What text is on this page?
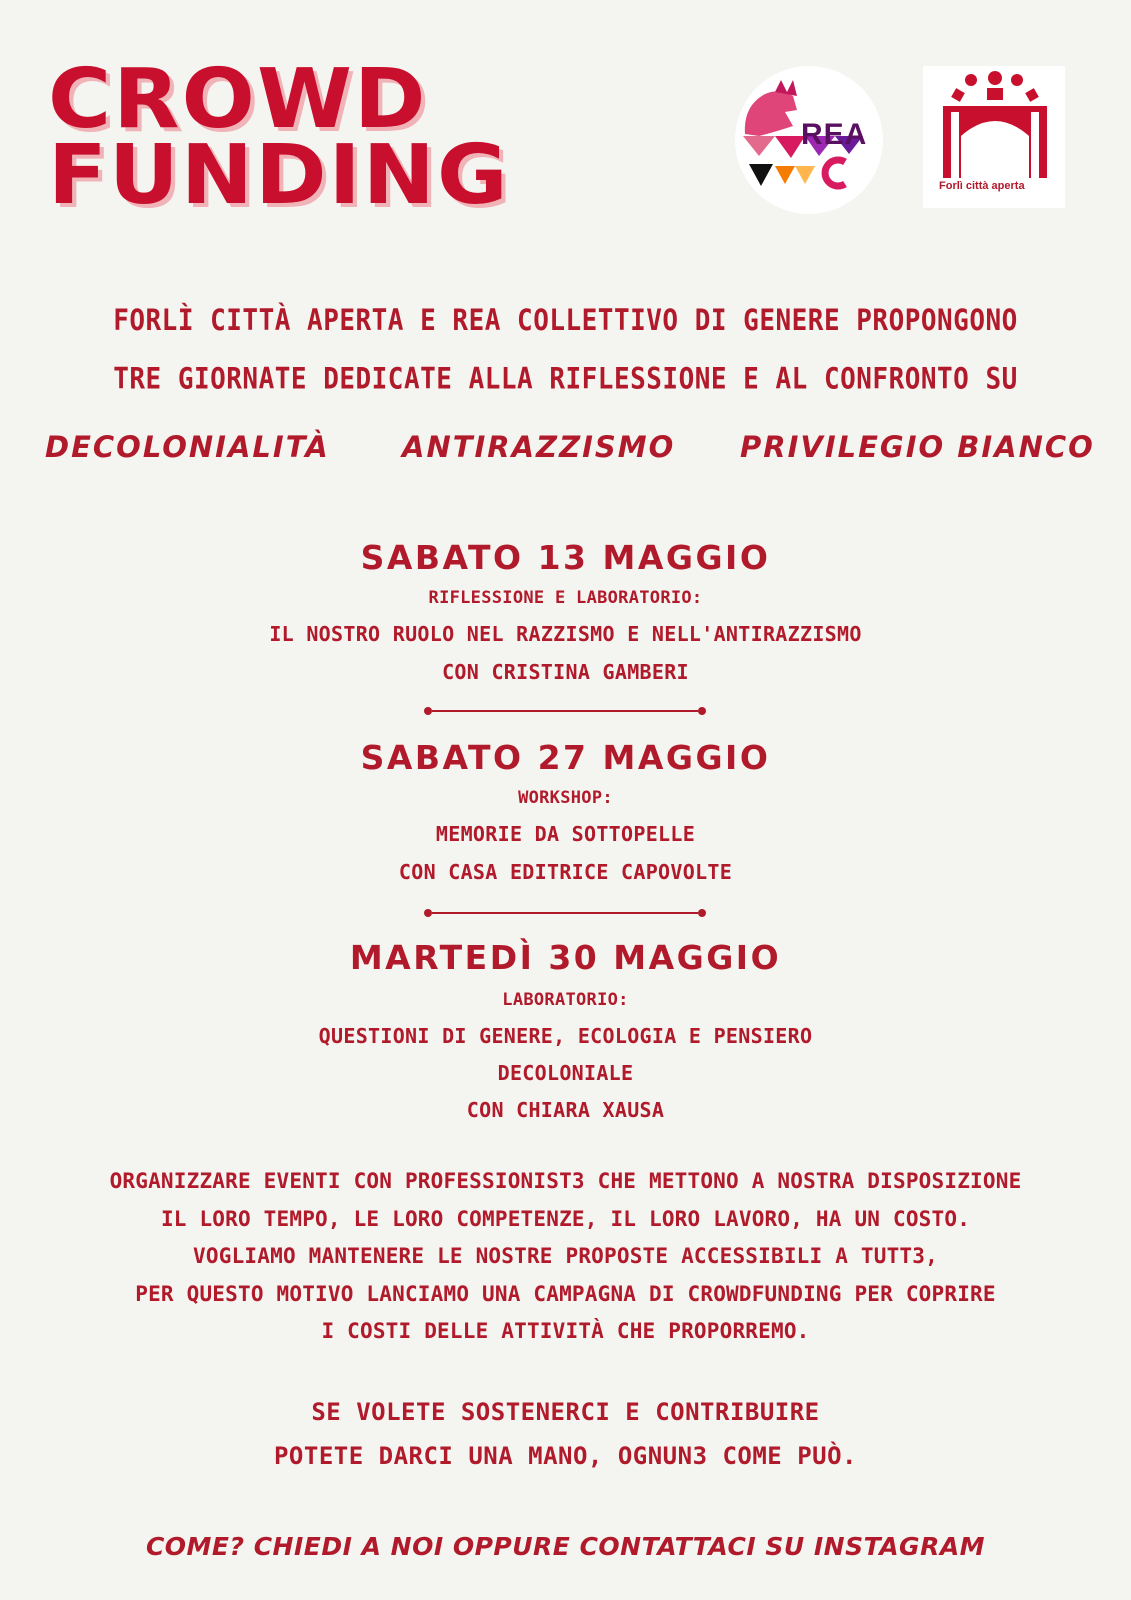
CROWD
FUNDING	REA
Forlì città aperta
FORLÌ CITTÀ APERTA E REA COLLETTIVO DI GENERE PROPONGONO
TRE GIORNATE DEDICATE ALLA RIFLESSIONE E AL CONFRONTO SU
DECOLONIALITÀ ANTIRAZZISMO PRIVILEGIO BIANCO
SABATO 13 MAGGIO
RIFLESSIONE E LABORATORIO:
IL NOSTRO RUOLO NEL RAZZISMO E NELL'ANTIRAZZISMO
CON CRISTINA GAMBERI
SABATO 27 MAGGIO
WORKSHOP:
MEMORIE DA SOTTOPELLE
CON CASA EDITRICE CAPOVOLTE
MARTEDÌ 30 MAGGIO
LABORATORIO:
QUESTIONI DI GENERE, ECOLOGIA E PENSIERO
DECOLONIALE
CON CHIARA XAUSA
ORGANIZZARE EVENTI CON PROFESSIONIST3 CHE METTONO A NOSTRA DISPOSIZIONE
IL LORO TEMPO, LE LORO COMPETENZE, IL LORO LAVORO, HA UN COSTO.
VOGLIAMO MANTENERE LE NOSTRE PROPOSTE ACCESSIBILI A TUTT3,
PER QUESTO MOTIVO LANCIAMO UNA CAMPAGNA DI CROWDFUNDING PER COPRIRE
I COSTI DELLE ATTIVITÀ CHE PROPORREMO.
SE VOLETE SOSTENERCI E CONTRIBUIRE
POTETE DARCI UNA MANO, OGNUN3 COME PUÒ.
COME? CHIEDI A NOI OPPURE CONTATTACI SU INSTAGRAM
